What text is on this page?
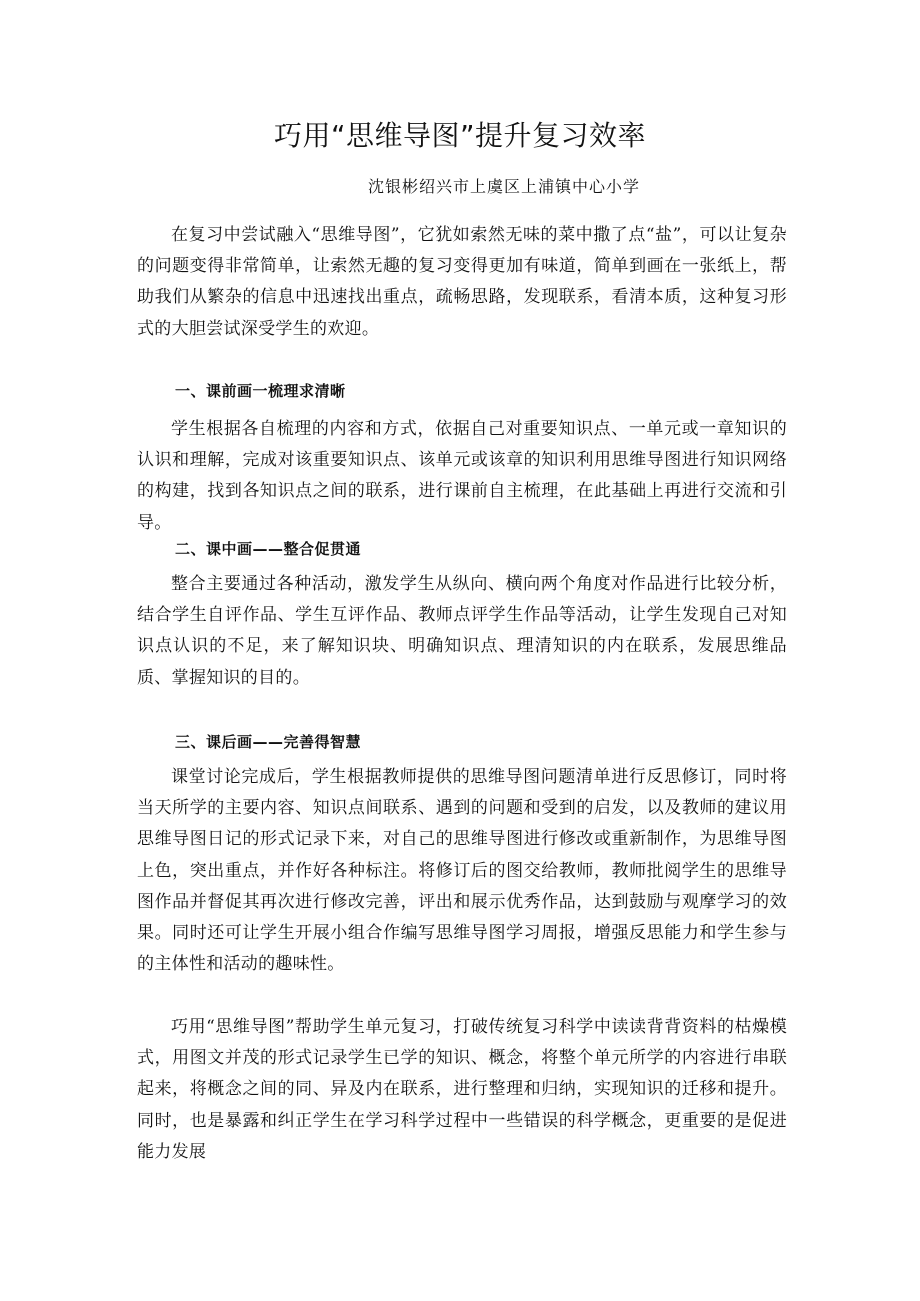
巧用“思维导图”提升复习效率

沈银彬绍兴市上虞区上浦镇中心小学

在复习中尝试融入“思维导图”，它犹如索然无味的菜中撒了点“盐”，可以让复杂的问题变得非常简单，让索然无趣的复习变得更加有味道，简单到画在一张纸上，帮助我们从繁杂的信息中迅速找出重点，疏畅思路，发现联系，看清本质，这种复习形式的大胆尝试深受学生的欢迎。

一、课前画一梳理求清晰

学生根据各自梳理的内容和方式，依据自己对重要知识点、一单元或一章知识的认识和理解，完成对该重要知识点、该单元或该章的知识利用思维导图进行知识网络的构建，找到各知识点之间的联系，进行课前自主梳理，在此基础上再进行交流和引导。

二、课中画——整合促贯通

整合主要通过各种活动，激发学生从纵向、横向两个角度对作品进行比较分析，结合学生自评作品、学生互评作品、教师点评学生作品等活动，让学生发现自己对知识点认识的不足，来了解知识块、明确知识点、理清知识的内在联系，发展思维品质、掌握知识的目的。

三、课后画——完善得智慧

课堂讨论完成后，学生根据教师提供的思维导图问题清单进行反思修订，同时将当天所学的主要内容、知识点间联系、遇到的问题和受到的启发，以及教师的建议用思维导图日记的形式记录下来，对自己的思维导图进行修改或重新制作，为思维导图上色，突出重点，并作好各种标注。将修订后的图交给教师，教师批阅学生的思维导图作品并督促其再次进行修改完善，评出和展示优秀作品，达到鼓励与观摩学习的效果。同时还可让学生开展小组合作编写思维导图学习周报，增强反思能力和学生参与的主体性和活动的趣味性。

巧用“思维导图”帮助学生单元复习，打破传统复习科学中读读背背资料的枯燥模式，用图文并茂的形式记录学生已学的知识、概念，将整个单元所学的内容进行串联起来，将概念之间的同、异及内在联系，进行整理和归纳，实现知识的迁移和提升。同时，也是暴露和纠正学生在学习科学过程中一些错误的科学概念，更重要的是促进能力发展
